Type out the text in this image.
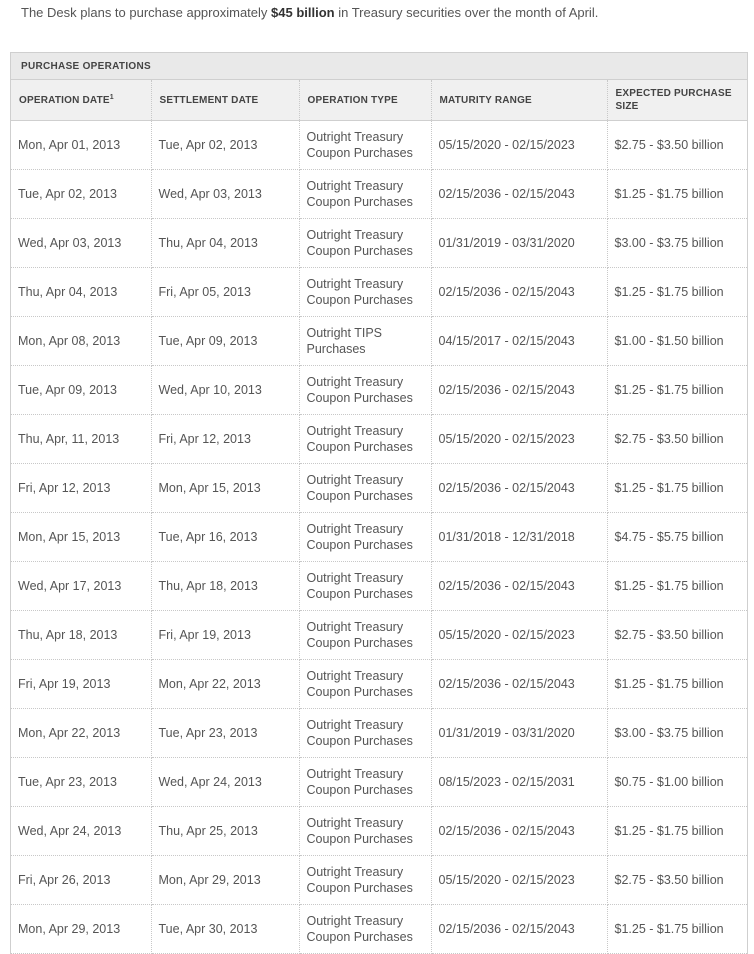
The Desk plans to purchase approximately $45 billion in Treasury securities over the month of April.
PURCHASE OPERATIONS
OPERATION DATE$^1$	SETTLEMENT DATE	OPERATION TYPE	MATURITY RANGE	EXPECTED PURCHASE SIZE
Mon, Apr 01, 2013	Tue, Apr 02, 2013	Outright Treasury Coupon Purchases	05/15/2020 - 02/15/2023	$2.75 - $3.50 billion
Tue, Apr 02, 2013	Wed, Apr 03, 2013	Outright Treasury Coupon Purchases	02/15/2036 - 02/15/2043	$1.25 - $1.75 billion
Wed, Apr 03, 2013	Thu, Apr 04, 2013	Outright Treasury Coupon Purchases	01/31/2019 - 03/31/2020	$3.00 - $3.75 billion
Thu, Apr 04, 2013	Fri, Apr 05, 2013	Outright Treasury Coupon Purchases	02/15/2036 - 02/15/2043	$1.25 - $1.75 billion
Mon, Apr 08, 2013	Tue, Apr 09, 2013	Outright TIPS Purchases	04/15/2017 - 02/15/2043	$1.00 - $1.50 billion
Tue, Apr 09, 2013	Wed, Apr 10, 2013	Outright Treasury Coupon Purchases	02/15/2036 - 02/15/2043	$1.25 - $1.75 billion
Thu, Apr, 11, 2013	Fri, Apr 12, 2013	Outright Treasury Coupon Purchases	05/15/2020 - 02/15/2023	$2.75 - $3.50 billion
Fri, Apr 12, 2013	Mon, Apr 15, 2013	Outright Treasury Coupon Purchases	02/15/2036 - 02/15/2043	$1.25 - $1.75 billion
Mon, Apr 15, 2013	Tue, Apr 16, 2013	Outright Treasury Coupon Purchases	01/31/2018 - 12/31/2018	$4.75 - $5.75 billion
Wed, Apr 17, 2013	Thu, Apr 18, 2013	Outright Treasury Coupon Purchases	02/15/2036 - 02/15/2043	$1.25 - $1.75 billion
Thu, Apr 18, 2013	Fri, Apr 19, 2013	Outright Treasury Coupon Purchases	05/15/2020 - 02/15/2023	$2.75 - $3.50 billion
Fri, Apr 19, 2013	Mon, Apr 22, 2013	Outright Treasury Coupon Purchases	02/15/2036 - 02/15/2043	$1.25 - $1.75 billion
Mon, Apr 22, 2013	Tue, Apr 23, 2013	Outright Treasury Coupon Purchases	01/31/2019 - 03/31/2020	$3.00 - $3.75 billion
Tue, Apr 23, 2013	Wed, Apr 24, 2013	Outright Treasury Coupon Purchases	08/15/2023 - 02/15/2031	$0.75 - $1.00 billion
Wed, Apr 24, 2013	Thu, Apr 25, 2013	Outright Treasury Coupon Purchases	02/15/2036 - 02/15/2043	$1.25 - $1.75 billion
Fri, Apr 26, 2013	Mon, Apr 29, 2013	Outright Treasury Coupon Purchases	05/15/2020 - 02/15/2023	$2.75 - $3.50 billion
Mon, Apr 29, 2013	Tue, Apr 30, 2013	Outright Treasury Coupon Purchases	02/15/2036 - 02/15/2043	$1.25 - $1.75 billion
